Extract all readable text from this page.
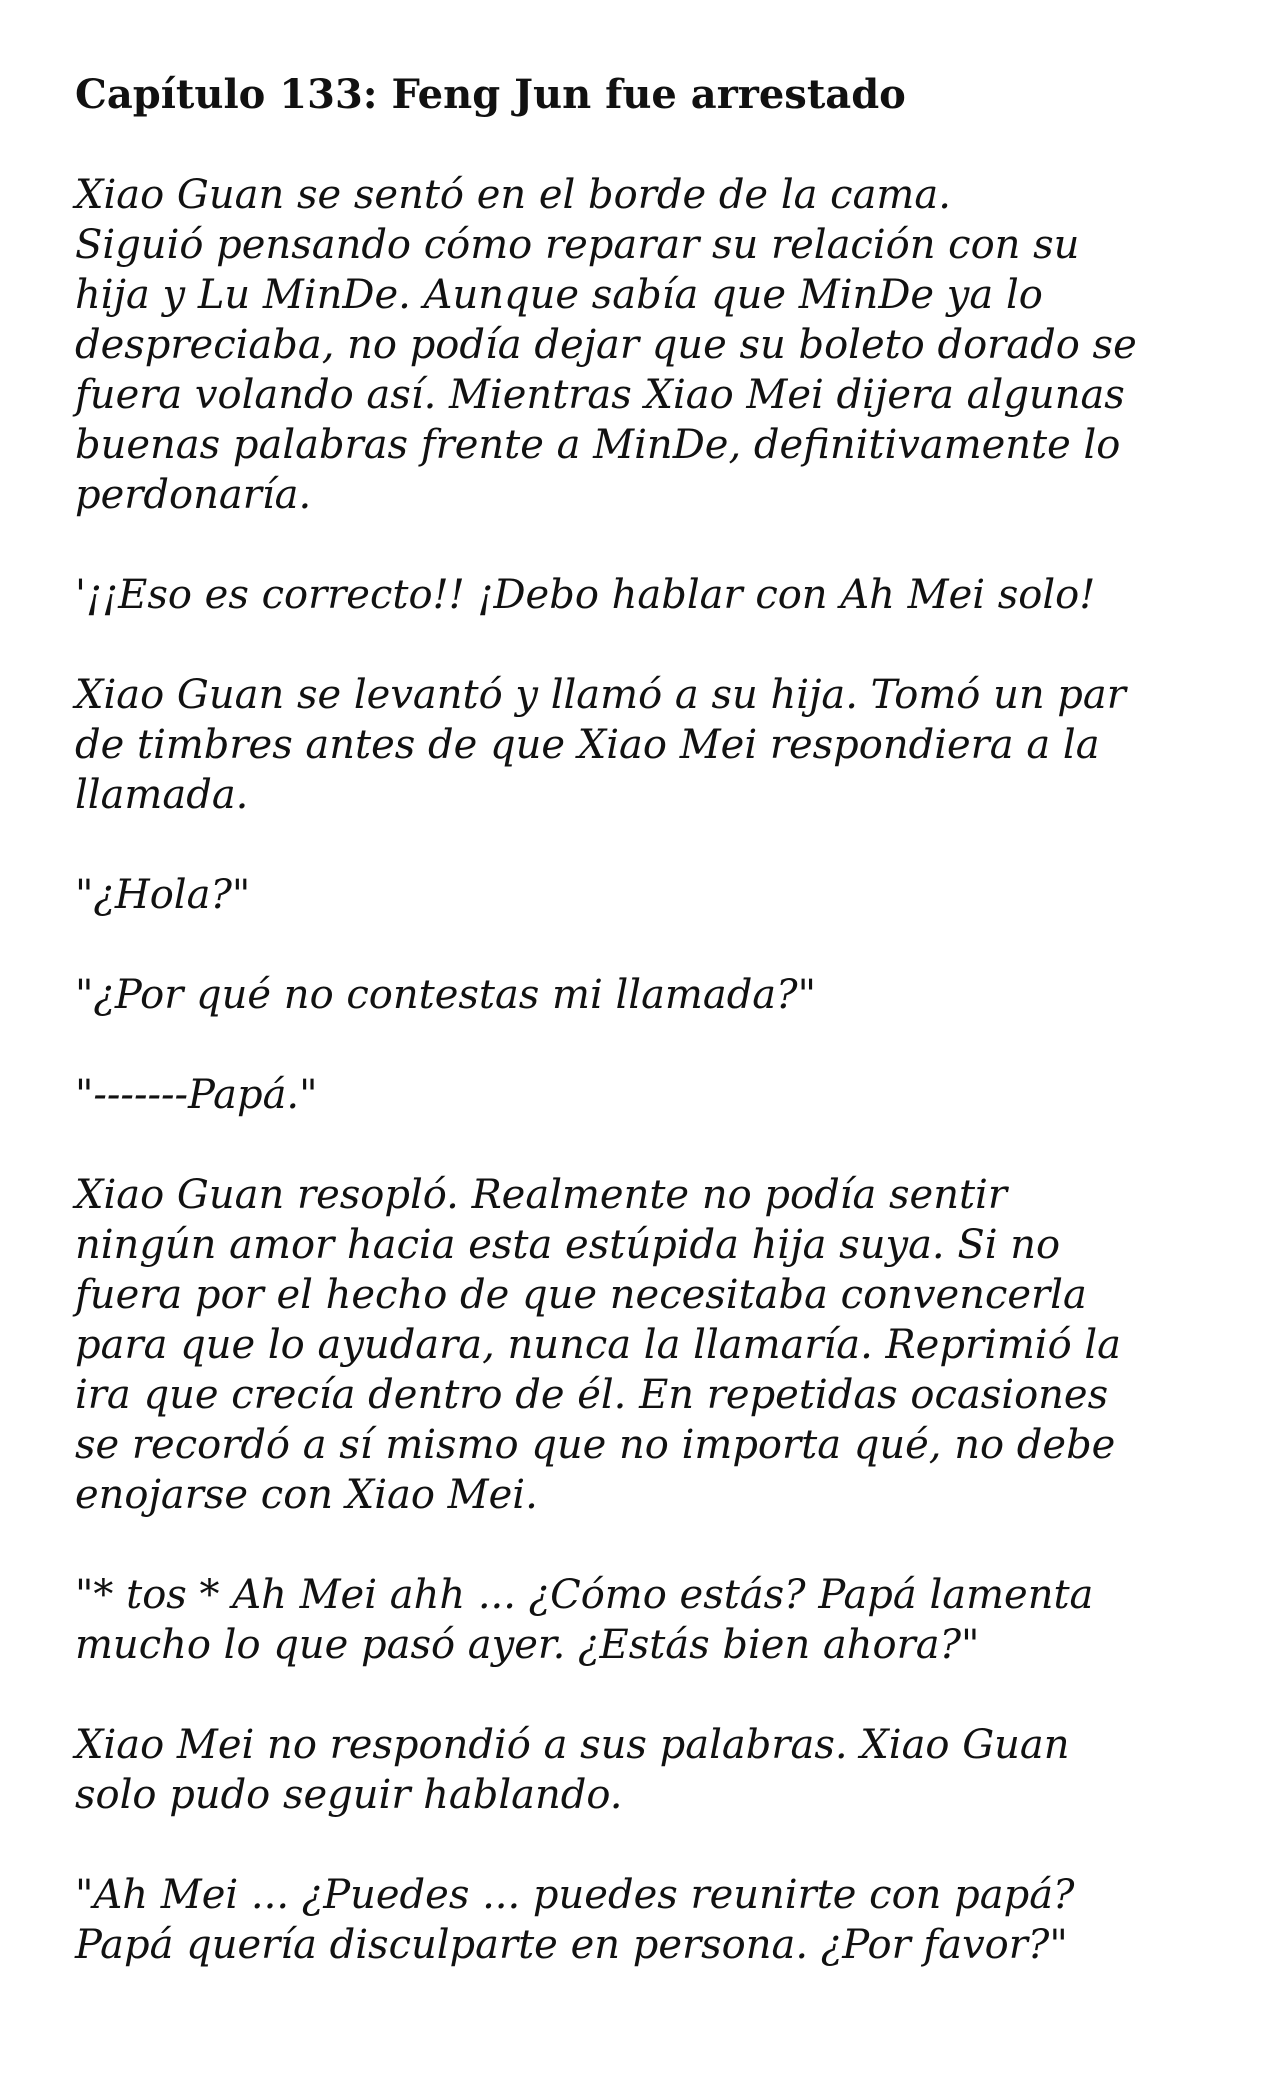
Capítulo 133: Feng Jun fue arrestado

Xiao Guan se sentó en el borde de la cama.
Siguió pensando cómo reparar su relación con su
hija y Lu MinDe. Aunque sabía que MinDe ya lo
despreciaba, no podía dejar que su boleto dorado se
fuera volando así. Mientras Xiao Mei dijera algunas
buenas palabras frente a MinDe, definitivamente lo
perdonaría.

'¡¡Eso es correcto!! ¡Debo hablar con Ah Mei solo!

Xiao Guan se levantó y llamó a su hija. Tomó un par
de timbres antes de que Xiao Mei respondiera a la
llamada.

"¿Hola?"

"¿Por qué no contestas mi llamada?"

"-------Papá."

Xiao Guan resopló. Realmente no podía sentir
ningún amor hacia esta estúpida hija suya. Si no
fuera por el hecho de que necesitaba convencerla
para que lo ayudara, nunca la llamaría. Reprimió la
ira que crecía dentro de él. En repetidas ocasiones
se recordó a sí mismo que no importa qué, no debe
enojarse con Xiao Mei.

"* tos * Ah Mei ahh ... ¿Cómo estás? Papá lamenta
mucho lo que pasó ayer. ¿Estás bien ahora?"

Xiao Mei no respondió a sus palabras. Xiao Guan
solo pudo seguir hablando.

"Ah Mei ... ¿Puedes ... puedes reunirte con papá?
Papá quería disculparte en persona. ¿Por favor?"
